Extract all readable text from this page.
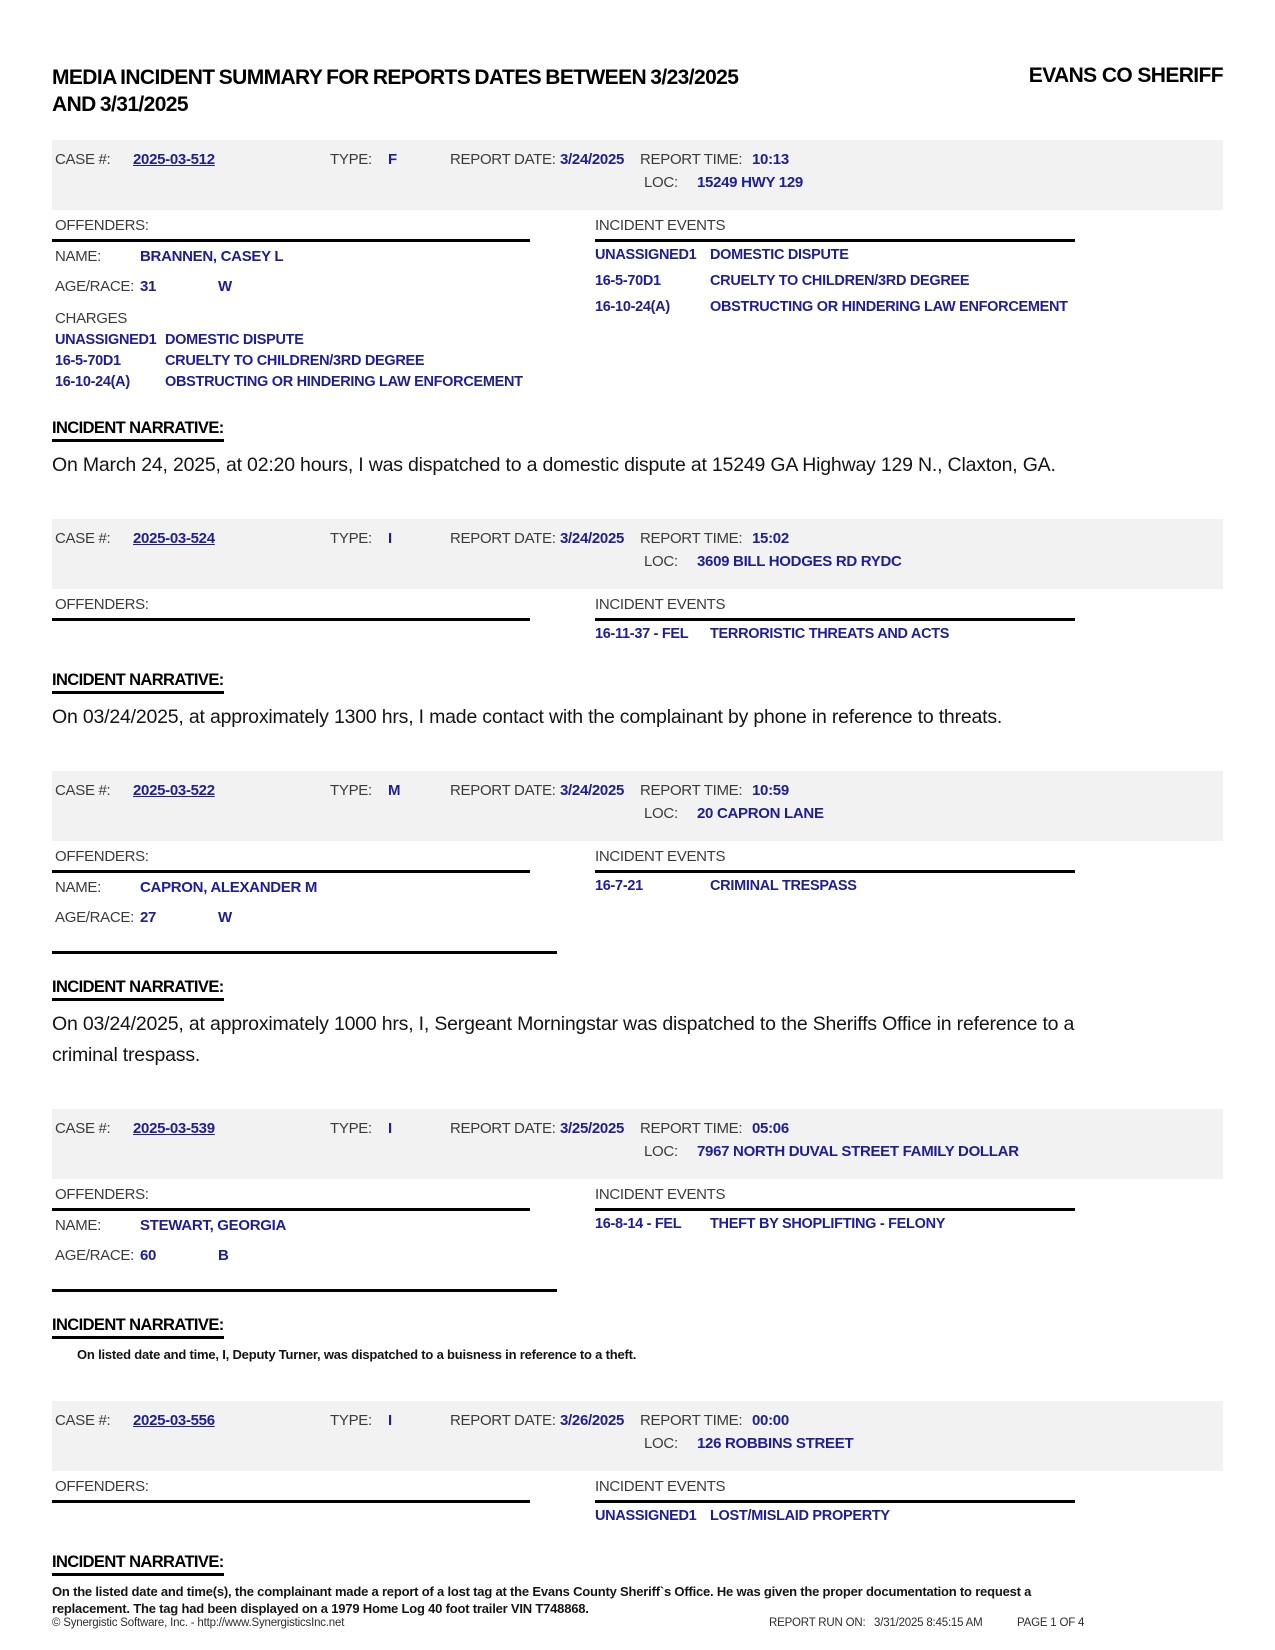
MEDIA INCIDENT SUMMARY FOR REPORTS DATES BETWEEN 3/23/2025 AND 3/31/2025
EVANS CO SHERIFF
CASE #: 2025-03-512	TYPE: F	REPORT DATE: 3/24/2025 REPORT TIME: 10:13
LOC: 15249 HWY 129
OFFENDERS:
NAME:	BRANNEN, CASEY L
AGE/RACE: 31	W
CHARGES
UNASSIGNED1 DOMESTIC DISPUTE
16-5-70D1	CRUELTY TO CHILDREN/3RD DEGREE
16-10-24(A) OBSTRUCTING OR HINDERING LAW ENFORCEMENT
INCIDENT EVENTS
UNASSIGNED1 DOMESTIC DISPUTE
16-5-70D1	CRUELTY TO CHILDREN/3RD DEGREE
16-10-24(A)	OBSTRUCTING OR HINDERING LAW ENFORCEMENT
INCIDENT NARRATIVE:
On March 24, 2025, at 02:20 hours, I was dispatched to a domestic dispute at 15249 GA Highway 129 N., Claxton, GA.
CASE #: 2025-03-524	TYPE: I	REPORT DATE: 3/24/2025 REPORT TIME: 15:02
LOC: 3609 BILL HODGES RD RYDC
OFFENDERS:	INCIDENT EVENTS
16-11-37 - FEL TERRORISTIC THREATS AND ACTS
INCIDENT NARRATIVE:
On 03/24/2025, at approximately 1300 hrs, I made contact with the complainant by phone in reference to threats.
CASE #: 2025-03-522	TYPE: M	REPORT DATE: 3/24/2025 REPORT TIME: 10:59
LOC: 20 CAPRON LANE
OFFENDERS:
NAME:	CAPRON, ALEXANDER M
AGE/RACE: 27	W
INCIDENT EVENTS
16-7-21	CRIMINAL TRESPASS
INCIDENT NARRATIVE:
On 03/24/2025, at approximately 1000 hrs, I, Sergeant Morningstar was dispatched to the Sheriffs Office in reference to a criminal trespass.
CASE #: 2025-03-539	TYPE: I	REPORT DATE: 3/25/2025 REPORT TIME: 05:06
LOC: 7967 NORTH DUVAL STREET FAMILY DOLLAR
OFFENDERS:
NAME:	STEWART, GEORGIA
AGE/RACE: 60	B
INCIDENT EVENTS
16-8-14 - FEL THEFT BY SHOPLIFTING - FELONY
INCIDENT NARRATIVE:
On listed date and time, I, Deputy Turner, was dispatched to a buisness in reference to a theft.
CASE #: 2025-03-556	TYPE: I	REPORT DATE: 3/26/2025 REPORT TIME: 00:00
LOC: 126 ROBBINS STREET
OFFENDERS:	INCIDENT EVENTS
UNASSIGNED1 LOST/MISLAID PROPERTY
INCIDENT NARRATIVE:
On the listed date and time(s), the complainant made a report of a lost tag at the Evans County Sheriff`s Office. He was given the proper documentation to request a replacement. The tag had been displayed on a 1979 Home Log 40 foot trailer VIN T748868.
© Synergistic Software, Inc. - http://www.SynergisticsInc.net	REPORT RUN ON: 3/31/2025 8:45:15 AM	PAGE 1 OF 4
